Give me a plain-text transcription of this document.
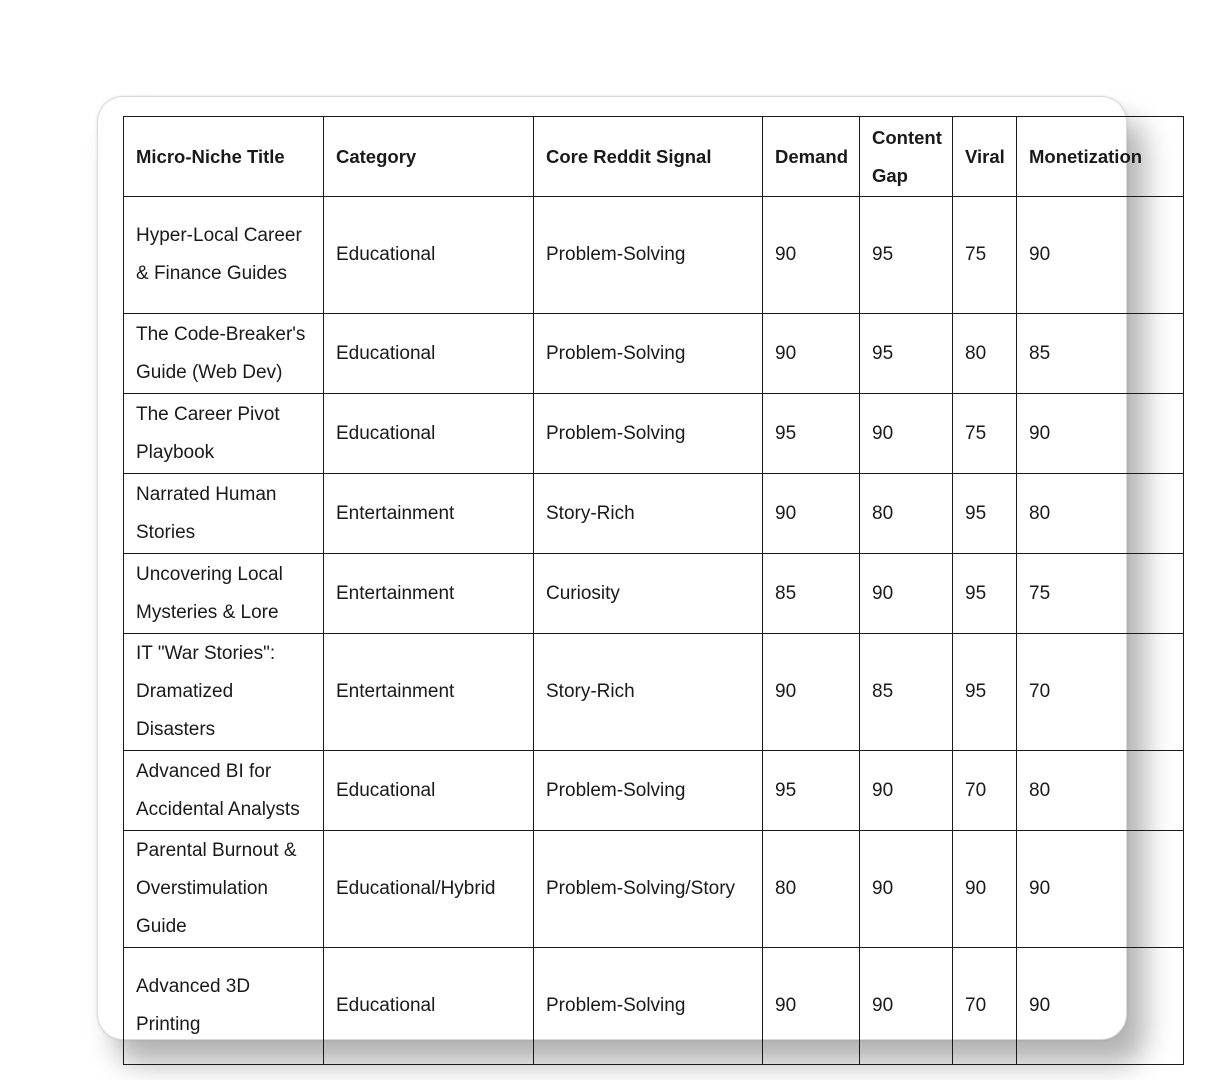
Micro-Niche Title	Category	Core Reddit Signal	Demand	Content Gap	Viral	Monetization
Hyper-Local Career & Finance Guides	Educational	Problem-Solving	90	95	75	90
The Code-Breaker's Guide (Web Dev)	Educational	Problem-Solving	90	95	80	85
The Career Pivot Playbook	Educational	Problem-Solving	95	90	75	90
Narrated Human Stories	Entertainment	Story-Rich	90	80	95	80
Uncovering Local Mysteries & Lore	Entertainment	Curiosity	85	90	95	75
IT "War Stories": Dramatized Disasters	Entertainment	Story-Rich	90	85	95	70
Advanced BI for Accidental Analysts	Educational	Problem-Solving	95	90	70	80
Parental Burnout & Overstimulation Guide	Educational/Hybrid	Problem-Solving/Story	80	90	90	90
Advanced 3D Printing	Educational	Problem-Solving	90	90	70	90
